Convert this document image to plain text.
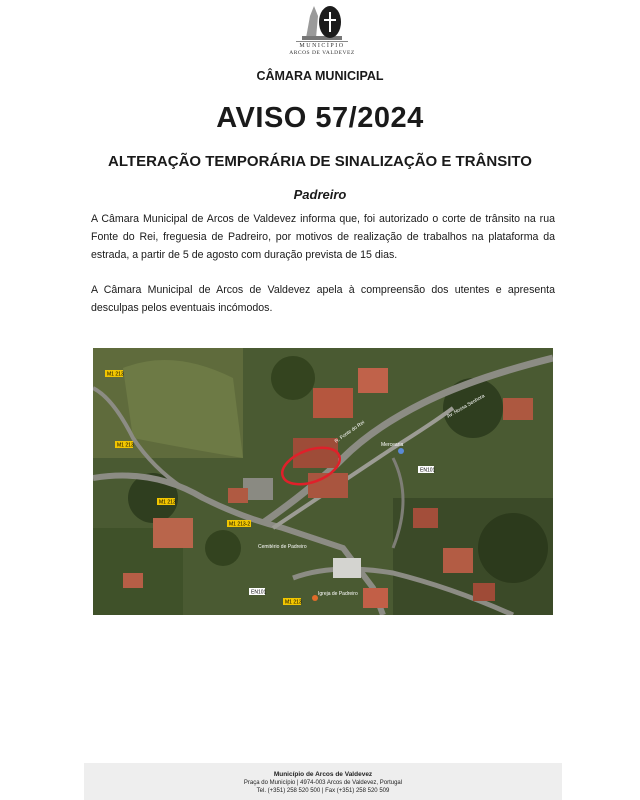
MUNICÍPIO
ARCOS DE VALDEVEZ
CÂMARA MUNICIPAL
AVISO 57/2024
ALTERAÇÃO TEMPORÁRIA DE SINALIZAÇÃO E TRÂNSITO
Padreiro

A Câmara Municipal de Arcos de Valdevez informa que, foi autorizado o corte de trânsito na rua Fonte do Rei, freguesia de Padreiro, por motivos de realização de trabalhos na plataforma da estrada, a partir de 5 de agosto com duração prevista de 15 dias.

A Câmara Municipal de Arcos de Valdevez apela à compreensão dos utentes e apresenta desculpas pelos eventuais incómodos.

M1 213
M1 213
M1 213
M1 213-2
M1 213
EN101
EN101
R. Fonte do Rei
Av. Nossa Senhora
Mercearia
Cemitério de Padreiro
Igreja de Padreiro
Município de Arcos de Valdevez
Praça do Município | 4974-003 Arcos de Valdevez, Portugal
Tel. (+351) 258 520 500 | Fax (+351) 258 520 509
